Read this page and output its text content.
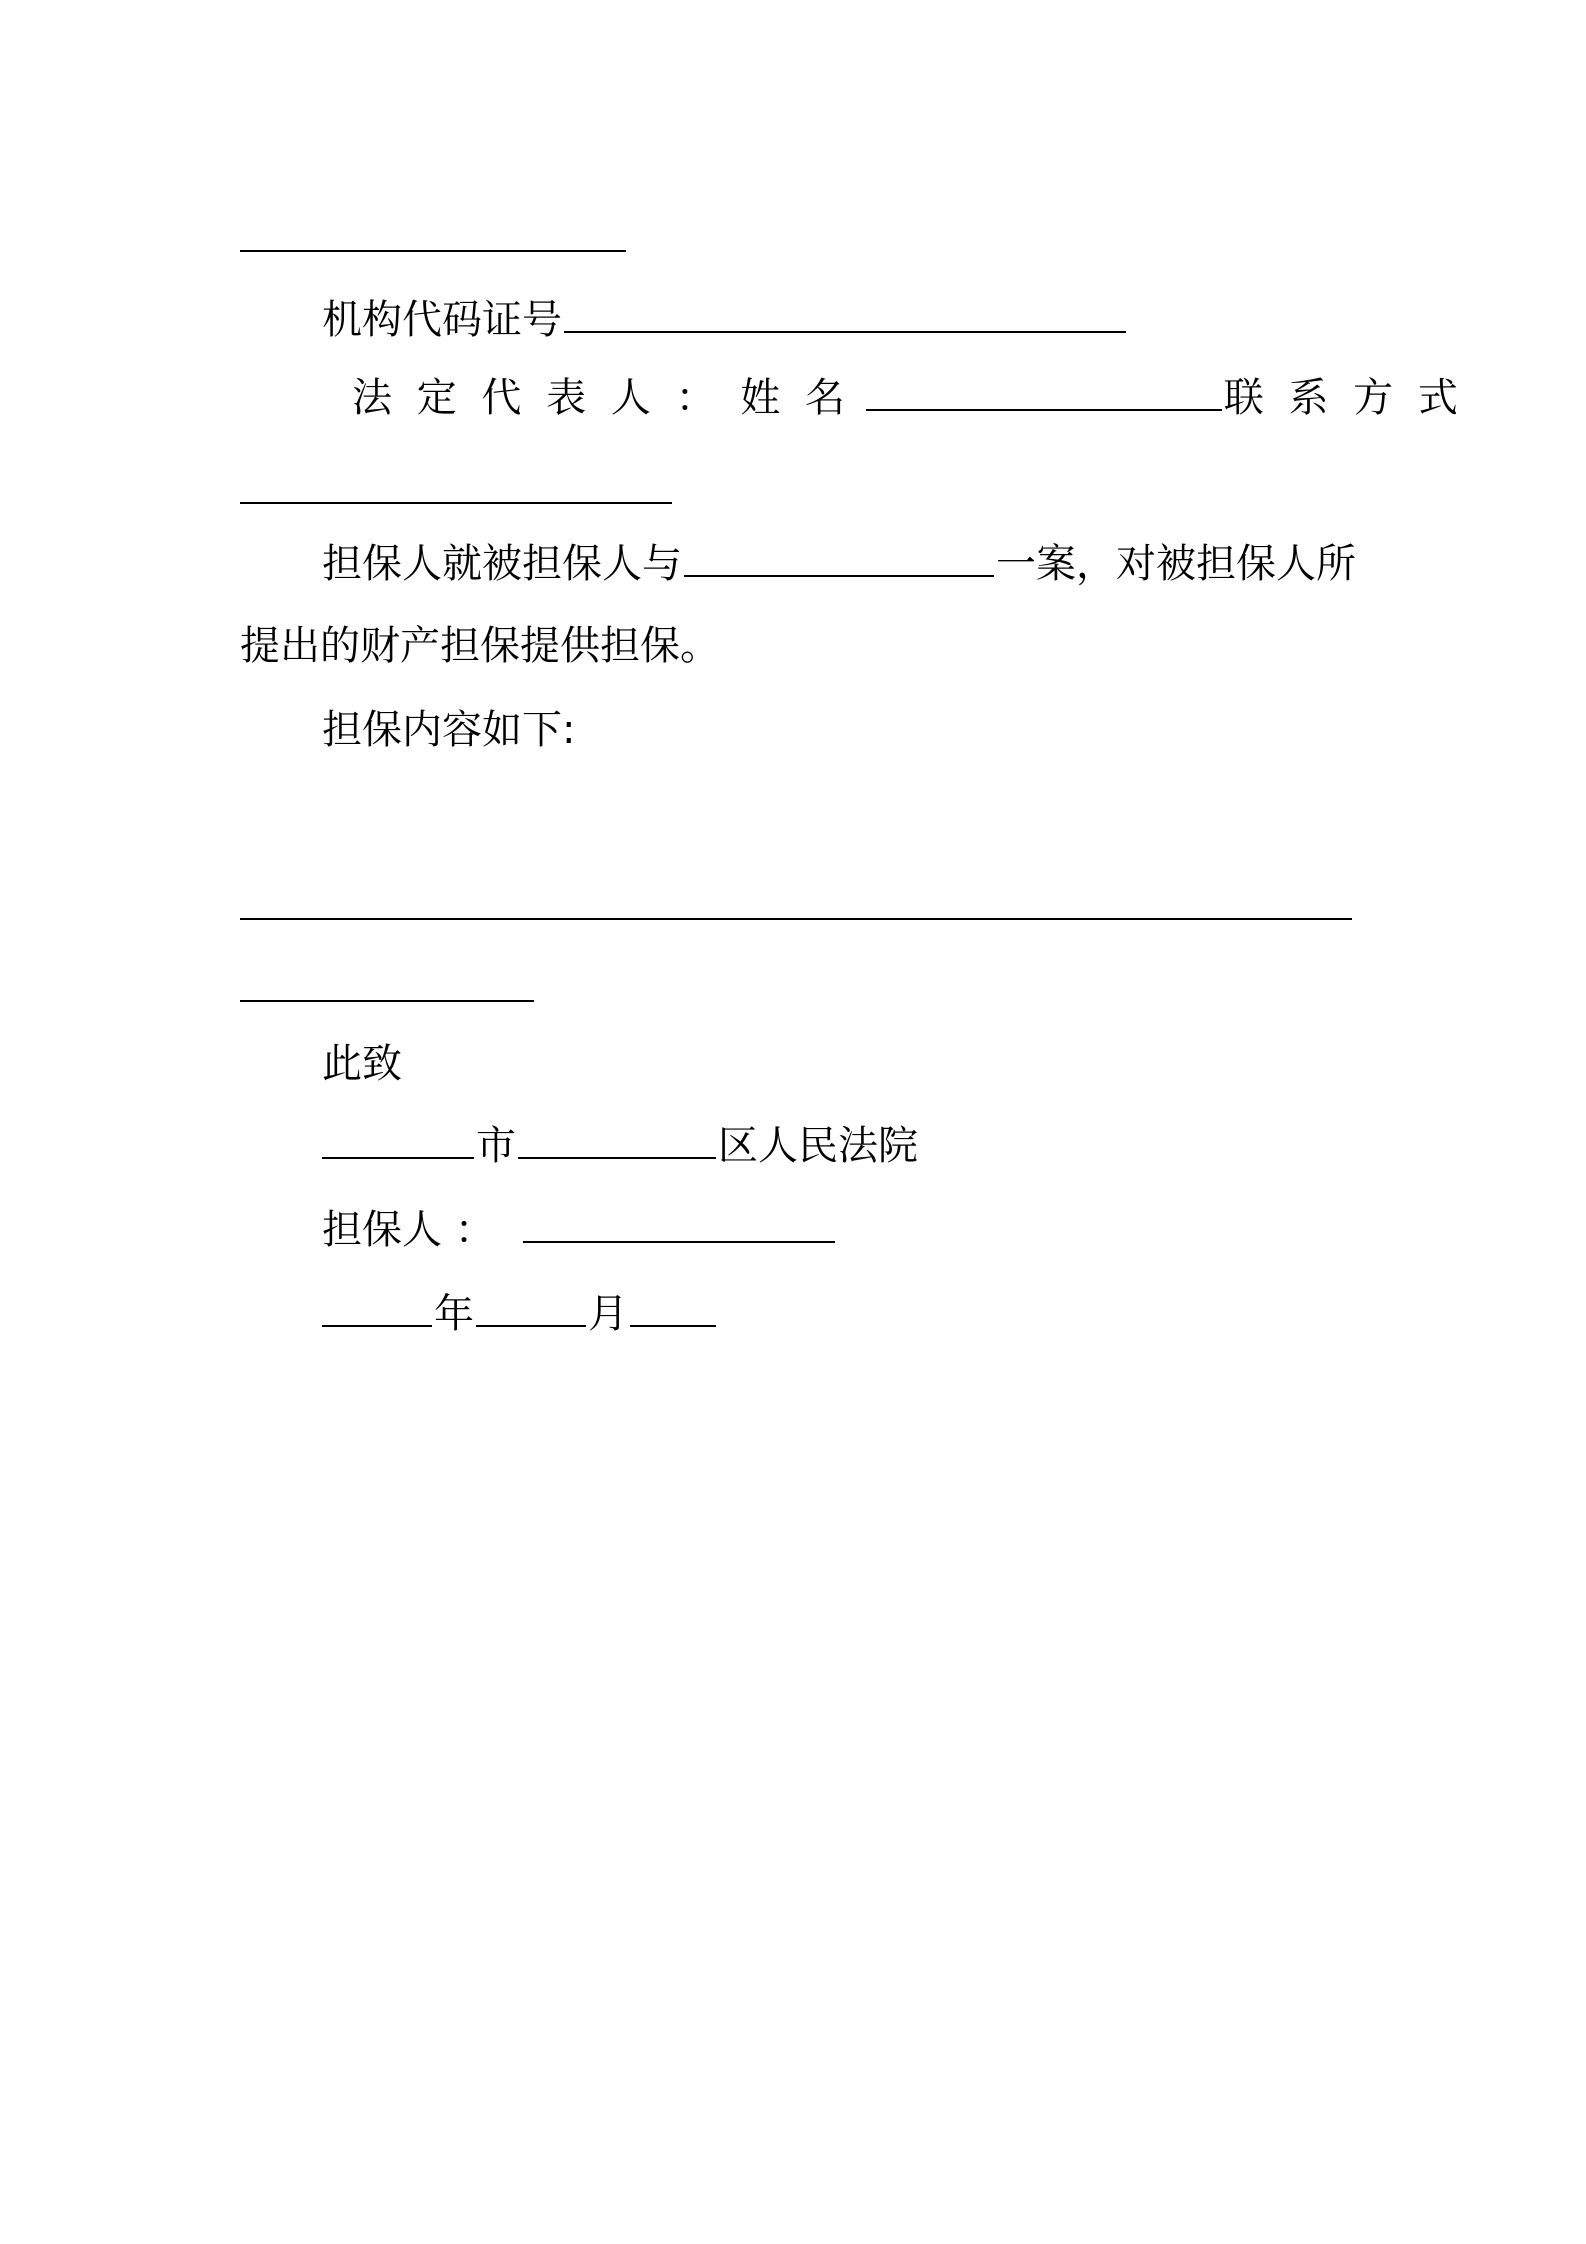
机构代码证号
法 定 代 表 人 ： 姓 名	联 系 方 式
担保人就被担保人与	一案，对被担保人所
提出的财产担保提供担保。
担保内容如下:
此致
市	区人民法院
担保人 ：
年	月
